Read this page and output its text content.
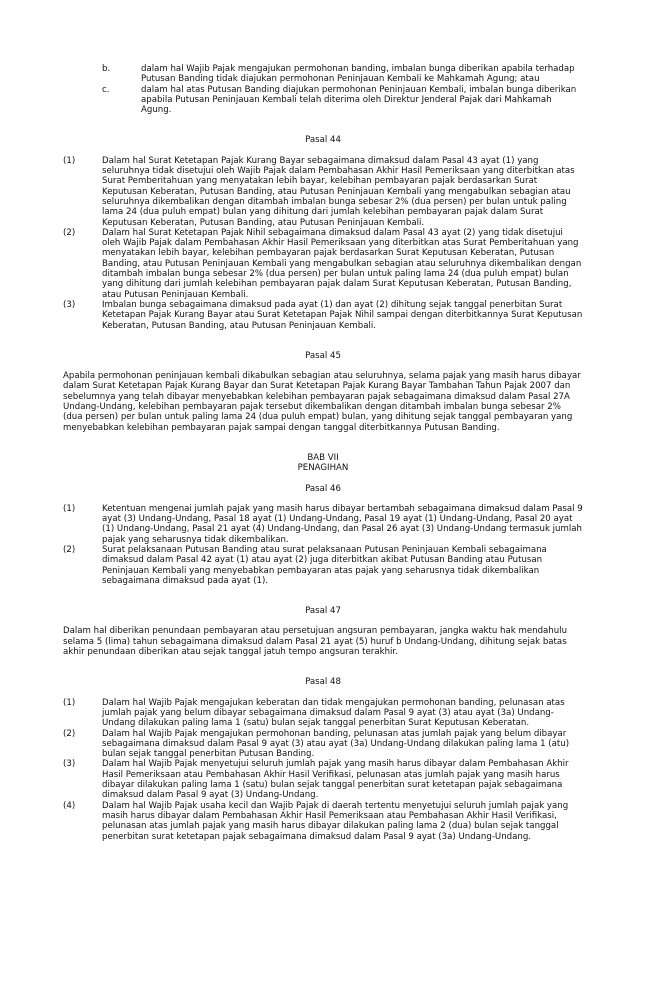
b.	dalam hal Wajib Pajak mengajukan permohonan banding, imbalan bunga diberikan apabila terhadap Putusan Banding tidak diajukan permohonan Peninjauan Kembali ke Mahkamah Agung; atau
c.	dalam hal atas Putusan Banding diajukan permohonan Peninjauan Kembali, imbalan bunga diberikan apabila Putusan Peninjauan Kembali telah diterima oleh Direktur Jenderal Pajak dari Mahkamah Agung.
Pasal 44
(1)	Dalam hal Surat Ketetapan Pajak Kurang Bayar sebagaimana dimaksud dalam Pasal 43 ayat (1) yang seluruhnya tidak disetujui oleh Wajib Pajak dalam Pembahasan Akhir Hasil Pemeriksaan yang diterbitkan atas Surat Pemberitahuan yang menyatakan lebih bayar, kelebihan pembayaran pajak berdasarkan Surat Keputusan Keberatan, Putusan Banding, atau Putusan Peninjauan Kembali yang mengabulkan sebagian atau seluruhnya dikembalikan dengan ditambah imbalan bunga sebesar 2% (dua persen) per bulan untuk paling lama 24 (dua puluh empat) bulan yang dihitung dari jumlah kelebihan pembayaran pajak dalam Surat Keputusan Keberatan, Putusan Banding, atau Putusan Peninjauan Kembali.
(2)	Dalam hal Surat Ketetapan Pajak Nihil sebagaimana dimaksud dalam Pasal 43 ayat (2) yang tidak disetujui oleh Wajib Pajak dalam Pembahasan Akhir Hasil Pemeriksaan yang diterbitkan atas Surat Pemberitahuan yang menyatakan lebih bayar, kelebihan pembayaran pajak berdasarkan Surat Keputusan Keberatan, Putusan Banding, atau Putusan Peninjauan Kembali yang mengabulkan sebagian atau seluruhnya dikembalikan dengan ditambah imbalan bunga sebesar 2% (dua persen) per bulan untuk paling lama 24 (dua puluh empat) bulan yang dihitung dari jumlah kelebihan pembayaran pajak dalam Surat Keputusan Keberatan, Putusan Banding, atau Putusan Peninjauan Kembali.
(3)	Imbalan bunga sebagaimana dimaksud pada ayat (1) dan ayat (2) dihitung sejak tanggal penerbitan Surat Ketetapan Pajak Kurang Bayar atau Surat Ketetapan Pajak Nihil sampai dengan diterbitkannya Surat Keputusan Keberatan, Putusan Banding, atau Putusan Peninjauan Kembali.
Pasal 45
Apabila permohonan peninjauan kembali dikabulkan sebagian atau seluruhnya, selama pajak yang masih harus dibayar dalam Surat Ketetapan Pajak Kurang Bayar dan Surat Ketetapan Pajak Kurang Bayar Tambahan Tahun Pajak 2007 dan sebelumnya yang telah dibayar menyebabkan kelebihan pembayaran pajak sebagaimana dimaksud dalam Pasal 27A Undang-Undang, kelebihan pembayaran pajak tersebut dikembalikan dengan ditambah imbalan bunga sebesar 2% (dua persen) per bulan untuk paling lama 24 (dua puluh empat) bulan, yang dihitung sejak tanggal pembayaran yang menyebabkan kelebihan pembayaran pajak sampai dengan tanggal diterbitkannya Putusan Banding.
BAB VII
PENAGIHAN
Pasal 46
(1)	Ketentuan mengenai jumlah pajak yang masih harus dibayar bertambah sebagaimana dimaksud dalam Pasal 9 ayat (3) Undang-Undang, Pasal 18 ayat (1) Undang-Undang, Pasal 19 ayat (1) Undang-Undang, Pasal 20 ayat (1) Undang-Undang, Pasal 21 ayat (4) Undang-Undang, dan Pasal 26 ayat (3) Undang-Undang termasuk jumlah pajak yang seharusnya tidak dikembalikan.
(2)	Surat pelaksanaan Putusan Banding atau surat pelaksanaan Putusan Peninjauan Kembali sebagaimana dimaksud dalam Pasal 42 ayat (1) atau ayat (2) juga diterbitkan akibat Putusan Banding atau Putusan Peninjauan Kembali yang menyebabkan pembayaran atas pajak yang seharusnya tidak dikembalikan sebagaimana dimaksud pada ayat (1).
Pasal 47
Dalam hal diberikan penundaan pembayaran atau persetujuan angsuran pembayaran, jangka waktu hak mendahulu selama 5 (lima) tahun sebagaimana dimaksud dalam Pasal 21 ayat (5) huruf b Undang-Undang, dihitung sejak batas akhir penundaan diberikan atau sejak tanggal jatuh tempo angsuran terakhir.
Pasal 48
(1)	Dalam hal Wajib Pajak mengajukan keberatan dan tidak mengajukan permohonan banding, pelunasan atas jumlah pajak yang belum dibayar sebagaimana dimaksud dalam Pasal 9 ayat (3) atau ayat (3a) Undang-Undang dilakukan paling lama 1 (satu) bulan sejak tanggal penerbitan Surat Keputusan Keberatan.
(2)	Dalam hal Wajib Pajak mengajukan permohonan banding, pelunasan atas jumlah pajak yang belum dibayar sebagaimana dimaksud dalam Pasal 9 ayat (3) atau ayat (3a) Undang-Undang dilakukan paling lama 1 (atu) bulan sejak tanggal penerbitan Putusan Banding.
(3)	Dalam hal Wajib Pajak menyetujui seluruh jumlah pajak yang masih harus dibayar dalam Pembahasan Akhir Hasil Pemeriksaan atau Pembahasan Akhir Hasil Verifikasi, pelunasan atas jumlah pajak yang masih harus dibayar dilakukan paling lama 1 (satu) bulan sejak tanggal penerbitan surat ketetapan pajak sebagaimana dimaksud dalam Pasal 9 ayat (3) Undang-Undang.
(4)	Dalam hal Wajib Pajak usaha kecil dan Wajib Pajak di daerah tertentu menyetujui seluruh jumlah pajak yang masih harus dibayar dalam Pembahasan Akhir Hasil Pemeriksaan atau Pembahasan Akhir Hasil Verifikasi, pelunasan atas jumlah pajak yang masih harus dibayar dilakukan paling lama 2 (dua) bulan sejak tanggal penerbitan surat ketetapan pajak sebagaimana dimaksud dalam Pasal 9 ayat (3a) Undang-Undang.
